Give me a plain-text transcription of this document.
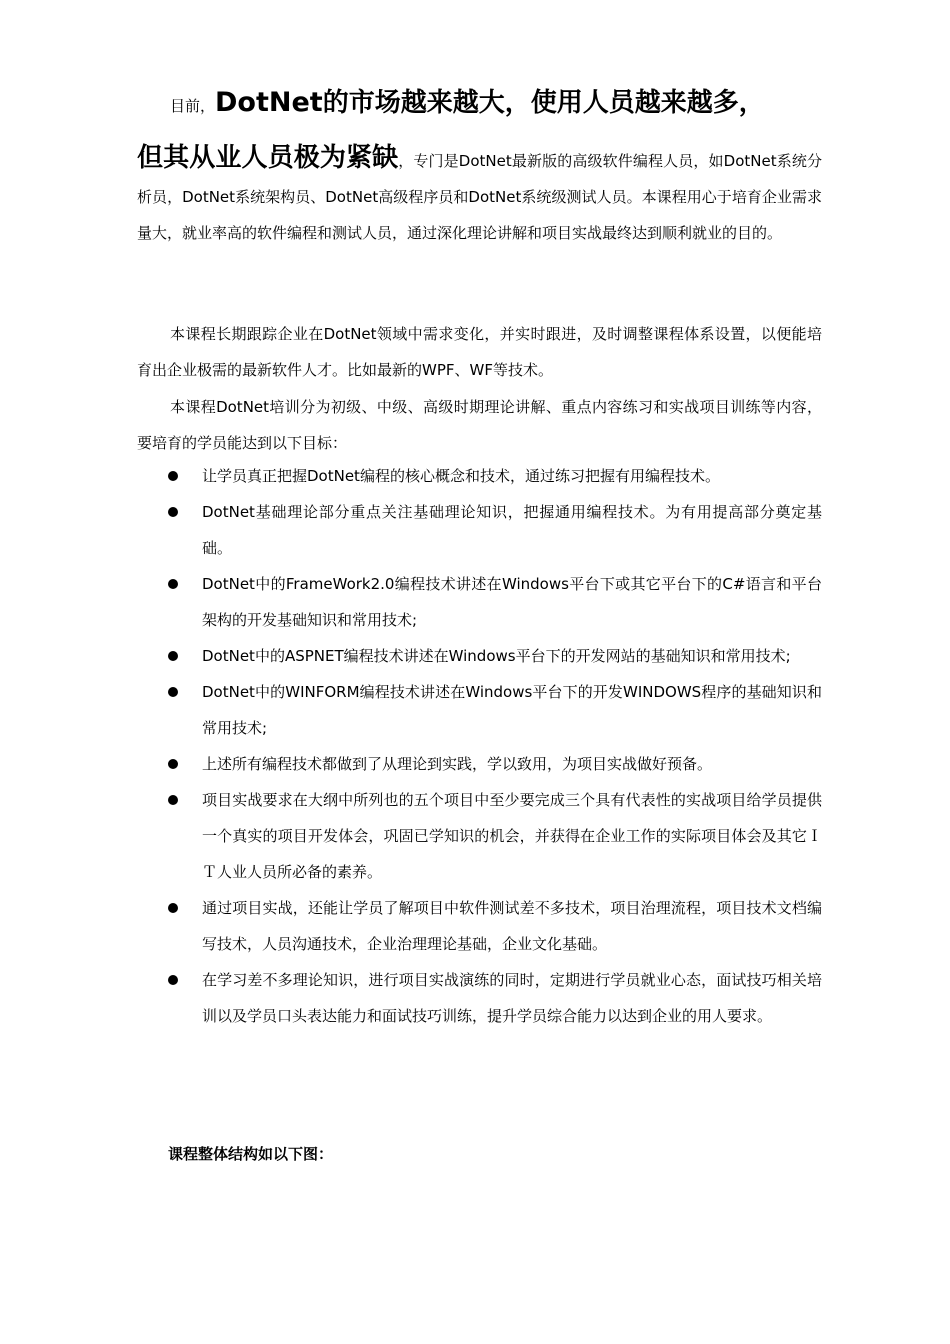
目前，DotNet的市场越来越大，使用人员越来越多，
但其从业人员极为紧缺，专门是DotNet最新版的高级软件编程人员，如DotNet系统分析员，DotNet系统架构员、DotNet高级程序员和DotNet系统级测试人员。本课程用心于培育企业需求量大，就业率高的软件编程和测试人员，通过深化理论讲解和项目实战最终达到顺利就业的目的。
本课程长期跟踪企业在DotNet领域中需求变化，并实时跟进，及时调整课程体系设置，以便能培育出企业极需的最新软件人才。比如最新的WPF、WF等技术。
本课程DotNet培训分为初级、中级、高级时期理论讲解、重点内容练习和实战项目训练等内容，要培育的学员能达到以下目标：
让学员真正把握DotNet编程的核心概念和技术，通过练习把握有用编程技术。
DotNet基础理论部分重点关注基础理论知识，把握通用编程技术。为有用提高部分奠定基础。
DotNet中的FrameWork2.0编程技术讲述在Windows平台下或其它平台下的C#语言和平台架构的开发基础知识和常用技术;
DotNet中的ASPNET编程技术讲述在Windows平台下的开发网站的基础知识和常用技术;
DotNet中的WINFORM编程技术讲述在Windows平台下的开发WINDOWS程序的基础知识和常用技术;
上述所有编程技术都做到了从理论到实践，学以致用，为项目实战做好预备。
项目实战要求在大纲中所列也的五个项目中至少要完成三个具有代表性的实战项目给学员提供一个真实的项目开发体会，巩固已学知识的机会，并获得在企业工作的实际项目体会及其它ＩＴ人业人员所必备的素养。
通过项目实战，还能让学员了解项目中软件测试差不多技术，项目治理流程，项目技术文档编写技术，人员沟通技术，企业治理理论基础，企业文化基础。
在学习差不多理论知识，进行项目实战演练的同时，定期进行学员就业心态，面试技巧相关培训以及学员口头表达能力和面试技巧训练，提升学员综合能力以达到企业的用人要求。
课程整体结构如以下图：
